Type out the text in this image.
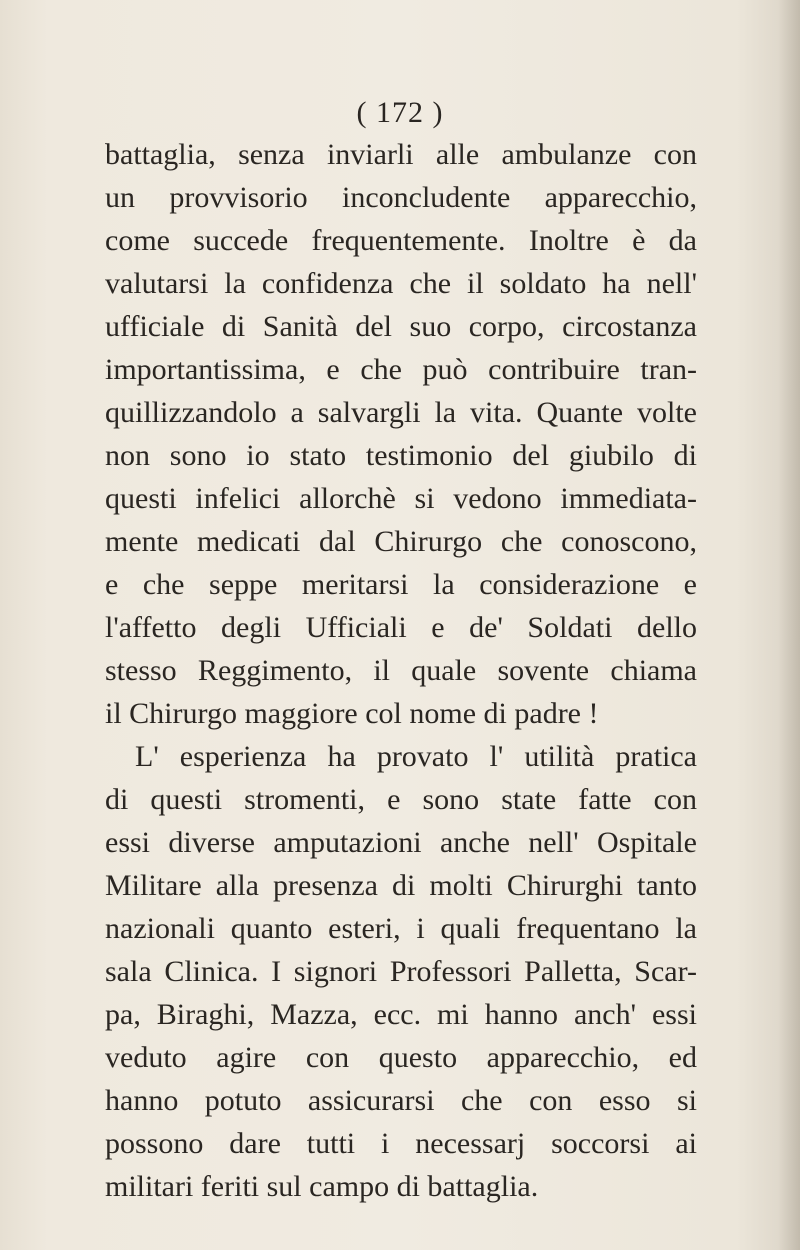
( 172 )
battaglia, senza inviarli alle ambulanze con
un provvisorio inconcludente apparecchio,
come succede frequentemente. Inoltre è da
valutarsi la confidenza che il soldato ha nell'
ufficiale di Sanità del suo corpo, circostanza
importantissima, e che può contribuire tran-
quillizzandolo a salvargli la vita. Quante volte
non sono io stato testimonio del giubilo di
questi infelici allorchè si vedono immediata-
mente medicati dal Chirurgo che conoscono,
e che seppe meritarsi la considerazione e
l'affetto degli Ufficiali e de' Soldati dello
stesso Reggimento, il quale sovente chiama
il Chirurgo maggiore col nome di padre !
L' esperienza ha provato l' utilità pratica
di questi stromenti, e sono state fatte con
essi diverse amputazioni anche nell' Ospitale
Militare alla presenza di molti Chirurghi tanto
nazionali quanto esteri, i quali frequentano la
sala Clinica. I signori Professori Palletta, Scar-
pa, Biraghi, Mazza, ecc. mi hanno anch' essi
veduto agire con questo apparecchio, ed
hanno potuto assicurarsi che con esso si
possono dare tutti i necessarj soccorsi ai
militari feriti sul campo di battaglia.
